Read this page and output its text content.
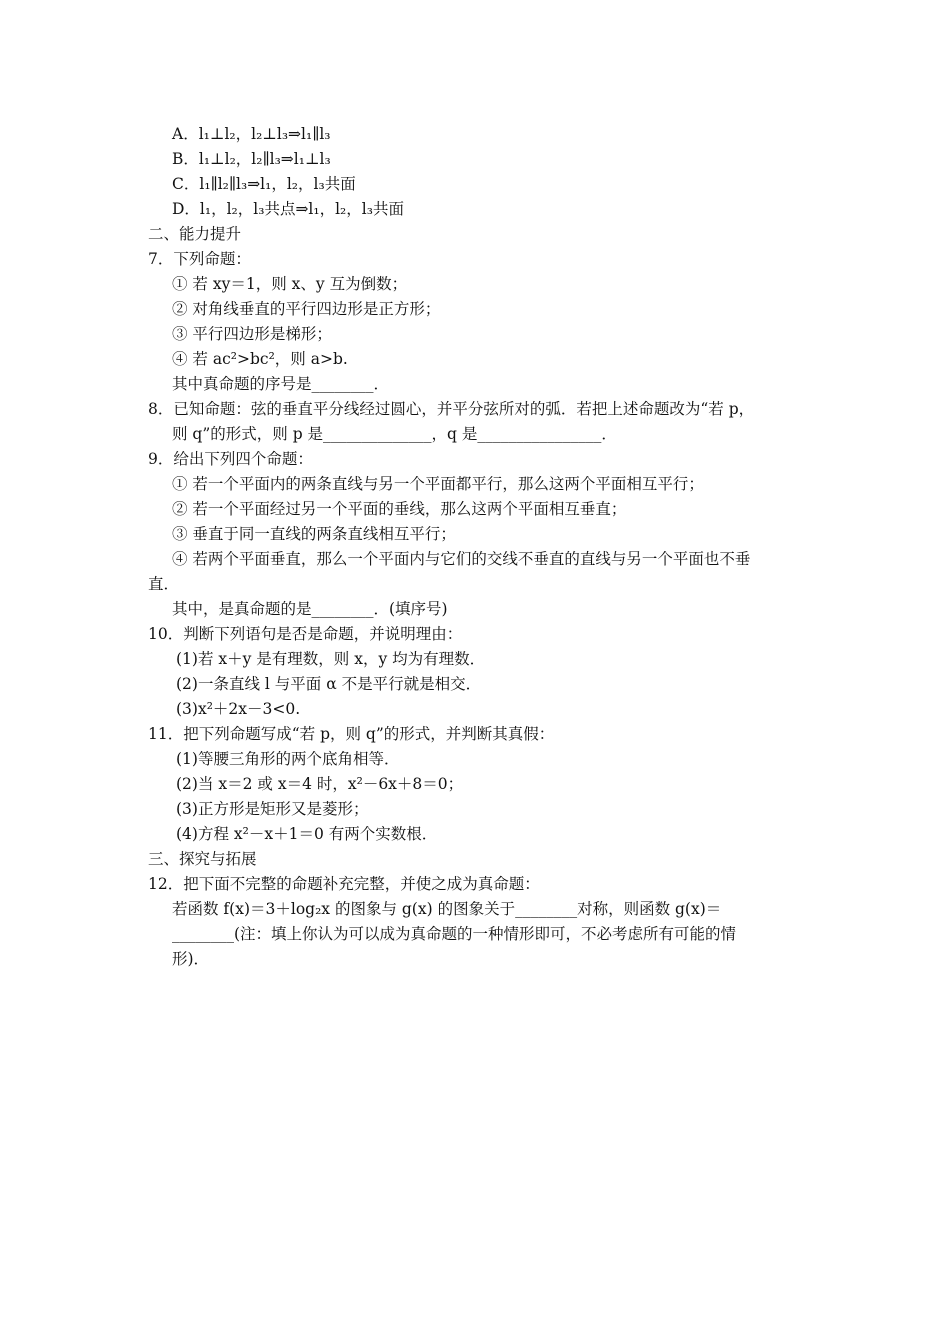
A．l₁⊥l₂，l₂⊥l₃⇒l₁∥l₃
B．l₁⊥l₂，l₂∥l₃⇒l₁⊥l₃
C．l₁∥l₂∥l₃⇒l₁，l₂，l₃共面
D．l₁，l₂，l₃共点⇒l₁，l₂，l₃共面
二、能力提升
7．下列命题：
① 若 xy＝1，则 x、y 互为倒数；
② 对角线垂直的平行四边形是正方形；
③ 平行四边形是梯形；
④ 若 ac²>bc²，则 a>b.
其中真命题的序号是________．
8．已知命题：弦的垂直平分线经过圆心，并平分弦所对的弧．若把上述命题改为“若 p，
则 q”的形式，则 p 是______________，q 是________________．
9．给出下列四个命题：
① 若一个平面内的两条直线与另一个平面都平行，那么这两个平面相互平行；
② 若一个平面经过另一个平面的垂线，那么这两个平面相互垂直；
③ 垂直于同一直线的两条直线相互平行；
④ 若两个平面垂直，那么一个平面内与它们的交线不垂直的直线与另一个平面也不垂
直．
其中，是真命题的是________．(填序号)
10．判断下列语句是否是命题，并说明理由：
(1)若 x＋y 是有理数，则 x，y 均为有理数．
(2)一条直线 l 与平面 α 不是平行就是相交．
(3)x²＋2x－3<0.
11．把下列命题写成“若 p，则 q”的形式，并判断其真假：
(1)等腰三角形的两个底角相等．
(2)当 x＝2 或 x＝4 时，x²－6x＋8＝0；
(3)正方形是矩形又是菱形；
(4)方程 x²－x＋1＝0 有两个实数根．
三、探究与拓展
12．把下面不完整的命题补充完整，并使之成为真命题：
若函数 f(x)＝3＋log₂x 的图象与 g(x) 的图象关于________对称，则函数 g(x)＝
________(注：填上你认为可以成为真命题的一种情形即可，不必考虑所有可能的情
形)．
